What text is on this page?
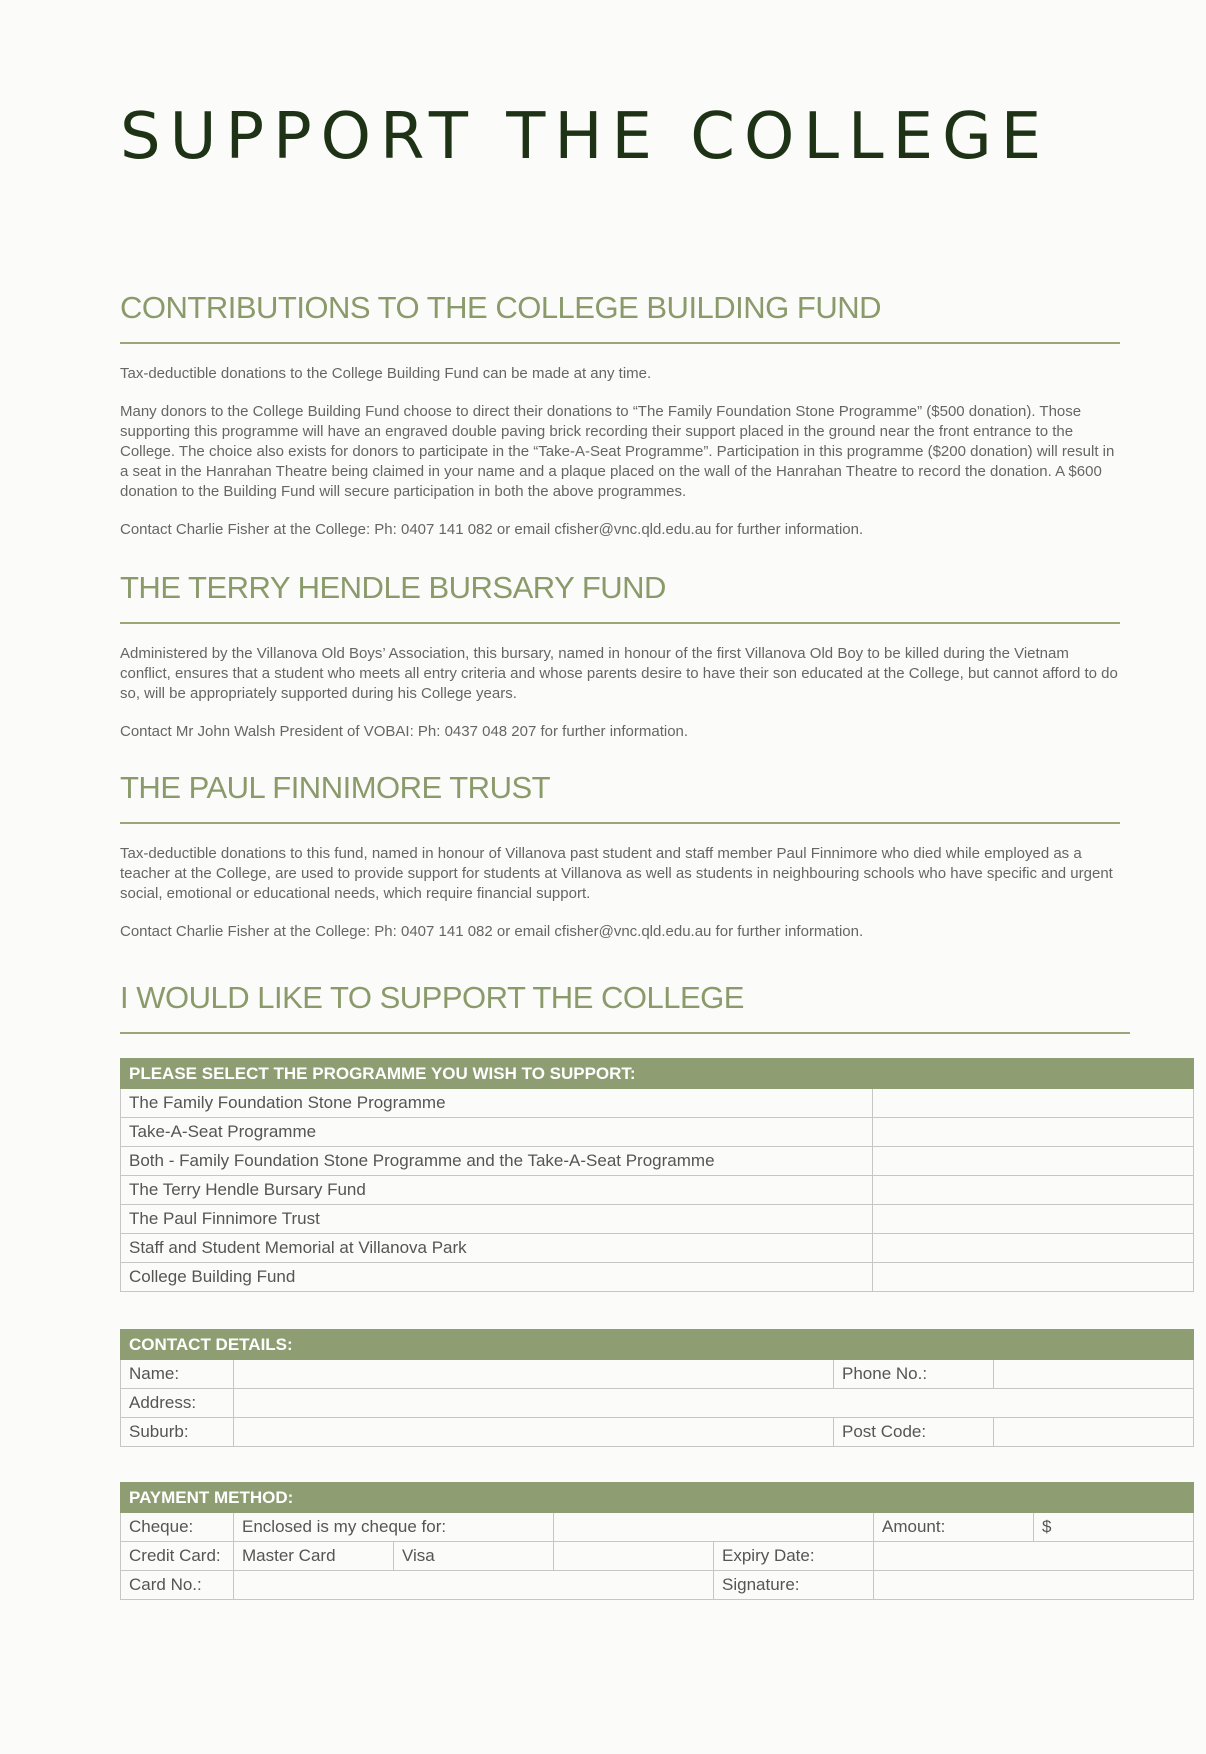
SUPPORT THE COLLEGE
CONTRIBUTIONS TO THE COLLEGE BUILDING FUND

Tax-deductible donations to the College Building Fund can be made at any time.

Many donors to the College Building Fund choose to direct their donations to “The Family Foundation Stone Programme” ($500 donation). Those supporting this programme will have an engraved double paving brick recording their support placed in the ground near the front entrance to the College. The choice also exists for donors to participate in the “Take-A-Seat Programme”. Participation in this programme ($200 donation) will result in a seat in the Hanrahan Theatre being claimed in your name and a plaque placed on the wall of the Hanrahan Theatre to record the donation. A $600 donation to the Building Fund will secure participation in both the above programmes.

Contact Charlie Fisher at the College: Ph: 0407 141 082 or email cfisher@vnc.qld.edu.au for further information.

THE TERRY HENDLE BURSARY FUND

Administered by the Villanova Old Boys’ Association, this bursary, named in honour of the first Villanova Old Boy to be killed during the Vietnam conflict, ensures that a student who meets all entry criteria and whose parents desire to have their son educated at the College, but cannot afford to do so, will be appropriately supported during his College years.

Contact Mr John Walsh President of VOBAI: Ph: 0437 048 207 for further information.

THE PAUL FINNIMORE TRUST

Tax-deductible donations to this fund, named in honour of Villanova past student and staff member Paul Finnimore who died while employed as a teacher at the College, are used to provide support for students at Villanova as well as students in neighbouring schools who have specific and urgent social, emotional or educational needs, which require financial support.

Contact Charlie Fisher at the College: Ph: 0407 141 082 or email cfisher@vnc.qld.edu.au for further information.

I WOULD LIKE TO SUPPORT THE COLLEGE
PLEASE SELECT THE PROGRAMME YOU WISH TO SUPPORT:	
The Family Foundation Stone Programme	
Take-A-Seat Programme	
Both - Family Foundation Stone Programme and the Take-A-Seat Programme	
The Terry Hendle Bursary Fund	
The Paul Finnimore Trust	
Staff and Student Memorial at Villanova Park	
College Building Fund	
CONTACT DETAILS:			
Name:		Phone No.:	
Address:			
Suburb:		Post Code:	
PAYMENT METHOD:						
Cheque:	Enclosed is my cheque for:				Amount:	$
Credit Card:	Master Card	Visa		Expiry Date:		
Card No.:				Signature:		
